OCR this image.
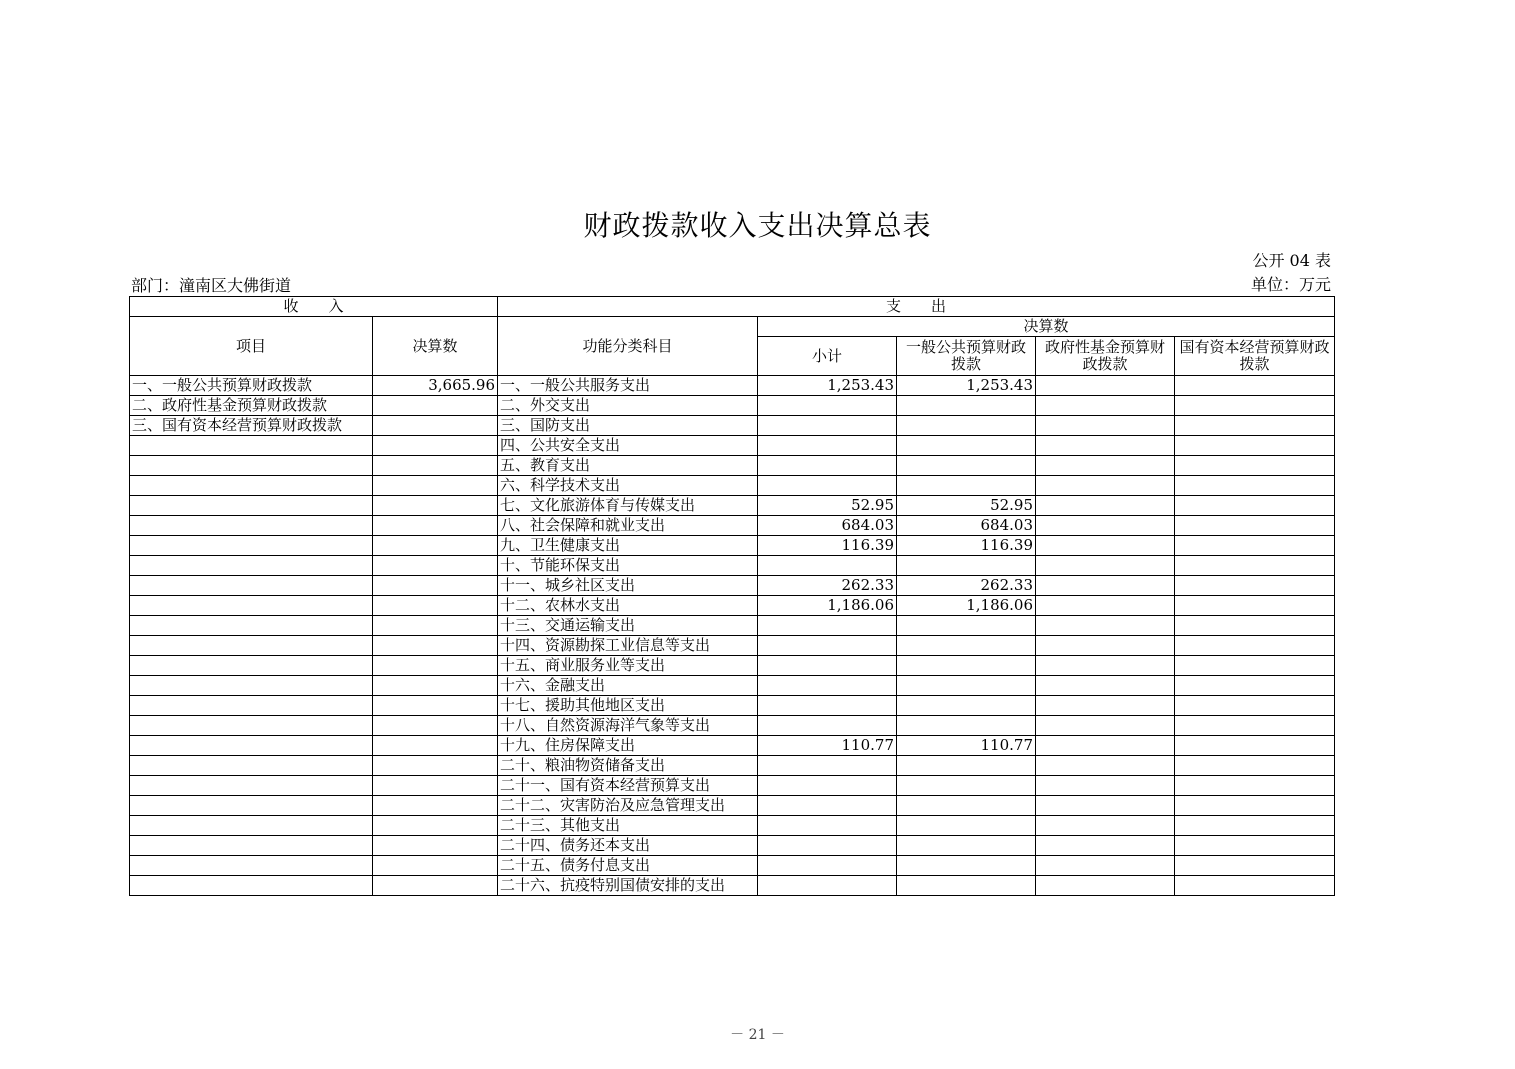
财政拨款收入支出决算总表
公开 04 表
部门：潼南区大佛街道	单位：万元
收　　入		支　　出				
项目	决算数	功能分类科目	决算数			
			小计	一般公共预算财政拨款	政府性基金预算财政拨款	国有资本经营预算财政拨款
一、一般公共预算财政拨款	3,665.96	一、一般公共服务支出	1,253.43	1,253.43		
二、政府性基金预算财政拨款		二、外交支出				
三、国有资本经营预算财政拨款		三、国防支出				
		四、公共安全支出				
		五、教育支出				
		六、科学技术支出				
		七、文化旅游体育与传媒支出	52.95	52.95		
		八、社会保障和就业支出	684.03	684.03		
		九、卫生健康支出	116.39	116.39		
		十、节能环保支出				
		十一、城乡社区支出	262.33	262.33		
		十二、农林水支出	1,186.06	1,186.06		
		十三、交通运输支出				
		十四、资源勘探工业信息等支出				
		十五、商业服务业等支出				
		十六、金融支出				
		十七、援助其他地区支出				
		十八、自然资源海洋气象等支出				
		十九、住房保障支出	110.77	110.77		
		二十、粮油物资储备支出				
		二十一、国有资本经营预算支出				
		二十二、灾害防治及应急管理支出				
		二十三、其他支出				
		二十四、债务还本支出				
		二十五、债务付息支出				
		二十六、抗疫特别国债安排的支出				
－ 21 －
